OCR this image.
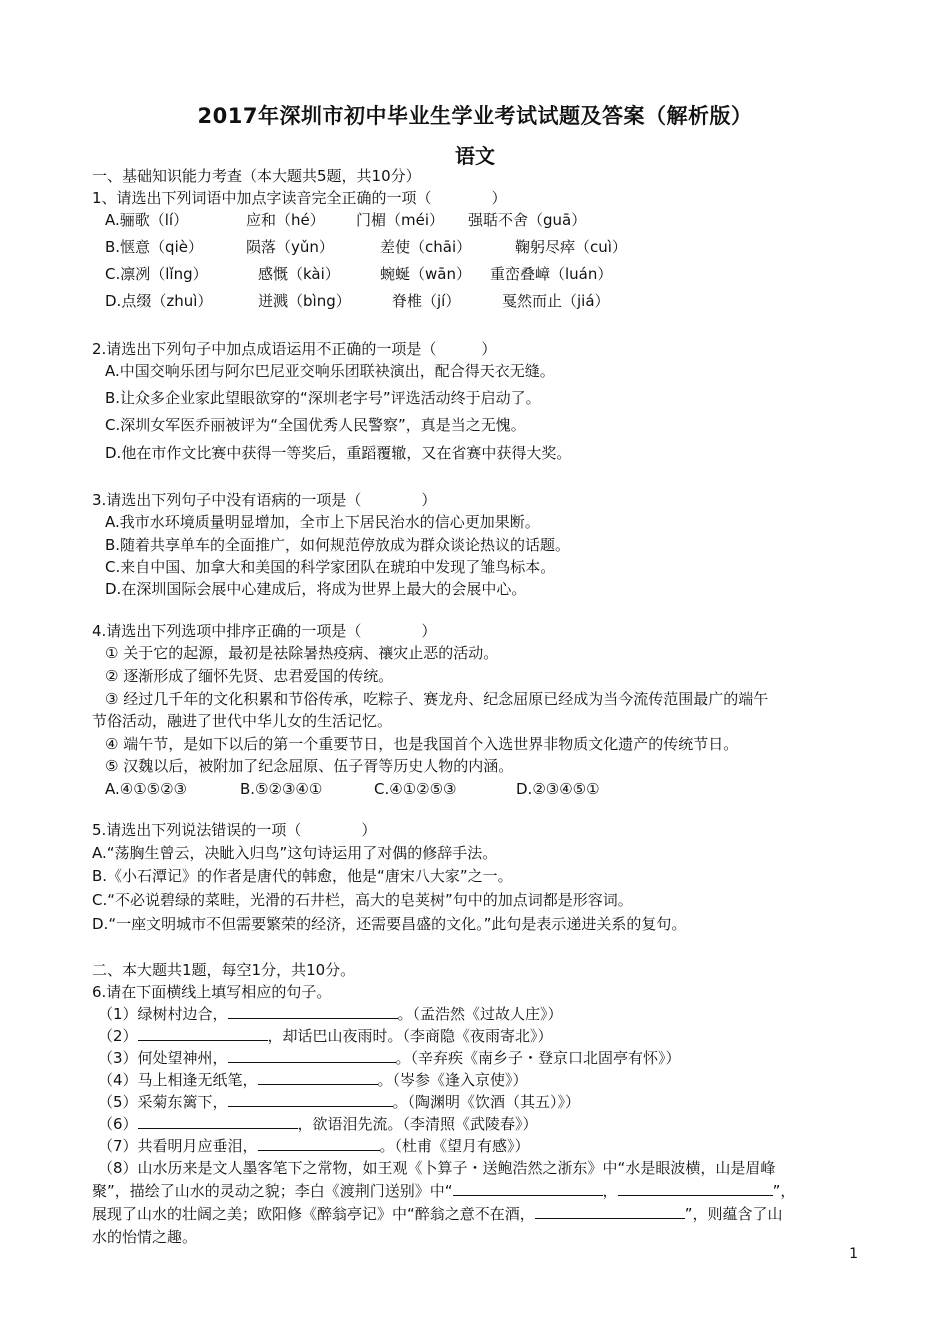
2017年深圳市初中毕业生学业考试试题及答案（解析版）
语文
一、基础知识能力考查（本大题共5题，共10分）
1、请选出下列词语中加点字读音完全正确的一项（　　　　）
A.骊歌（lí）	应和（hé） 门楣（méi） 强聒不舍（guā）
B.惬意（qiè）	陨落（yǔn）	差使（chāi）	鞠躬尽瘁（cuì）
C.凛冽（lǐng）	感慨（kài）	蜿蜒（wān） 重峦叠嶂（luán）
D.点缀（zhuì）	迸溅（bìng）	脊椎（jí）	戛然而止（jiá）
2.请选出下列句子中加点成语运用不正确的一项是（　　　）
A.中国交响乐团与阿尔巴尼亚交响乐团联袂演出，配合得天衣无缝。
B.让众多企业家此望眼欲穿的“深圳老字号”评选活动终于启动了。
C.深圳女军医乔丽被评为“全国优秀人民警察”，真是当之无愧。
D.他在市作文比赛中获得一等奖后，重蹈覆辙，又在省赛中获得大奖。
3.请选出下列句子中没有语病的一项是（　　　　）
A.我市水环境质量明显增加，全市上下居民治水的信心更加果断。
B.随着共享单车的全面推广，如何规范停放成为群众谈论热议的话题。
C.来自中国、加拿大和美国的科学家团队在琥珀中发现了雏鸟标本。
D.在深圳国际会展中心建成后，将成为世界上最大的会展中心。
4.请选出下列选项中排序正确的一项是（　　　　）
① 关于它的起源，最初是祛除暑热疫病、禳灾止恶的活动。
② 逐渐形成了缅怀先贤、忠君爱国的传统。
③ 经过几千年的文化积累和节俗传承，吃粽子、赛龙舟、纪念屈原已经成为当今流传范围最广的端午
节俗活动，融进了世代中华儿女的生活记忆。
④ 端午节，是如下以后的第一个重要节日，也是我国首个入选世界非物质文化遗产的传统节日。
⑤ 汉魏以后，被附加了纪念屈原、伍子胥等历史人物的内涵。
A.④①⑤②③	B.⑤②③④①	C.④①②⑤③	D.②③④⑤①
5.请选出下列说法错误的一项（　　　　）
A.“荡胸生曾云，决眦入归鸟”这句诗运用了对偶的修辞手法。
B.《小石潭记》的作者是唐代的韩愈，他是“唐宋八大家”之一。
C.“不必说碧绿的菜畦，光滑的石井栏，高大的皂荚树”句中的加点词都是形容词。
D.“一座文明城市不但需要繁荣的经济，还需要昌盛的文化。”此句是表示递进关系的复句。
二、本大题共1题，每空1分，共10分。
6.请在下面横线上填写相应的句子。
（1）绿树村边合，	。（孟浩然《过故人庄》）
（2）	，却话巴山夜雨时。（李商隐《夜雨寄北》）
（3）何处望神州，	。（辛弃疾《南乡子・登京口北固亭有怀》）
（4）马上相逢无纸笔，	。（岑参《逢入京使》）
（5）采菊东篱下，	。（陶渊明《饮酒（其五）》）
（6）	，欲语泪先流。（李清照《武陵春》）
（7）共看明月应垂泪，	。（杜甫《望月有感》）
（8）山水历来是文人墨客笔下之常物，如王观《卜算子・送鲍浩然之浙东》中“水是眼波横，山是眉峰
聚”，描绘了山水的灵动之貌；李白《渡荆门送别》中“	，	”，
展现了山水的壮阔之美；欧阳修《醉翁亭记》中“醉翁之意不在酒，	”，则蕴含了山
水的怡情之趣。
1
